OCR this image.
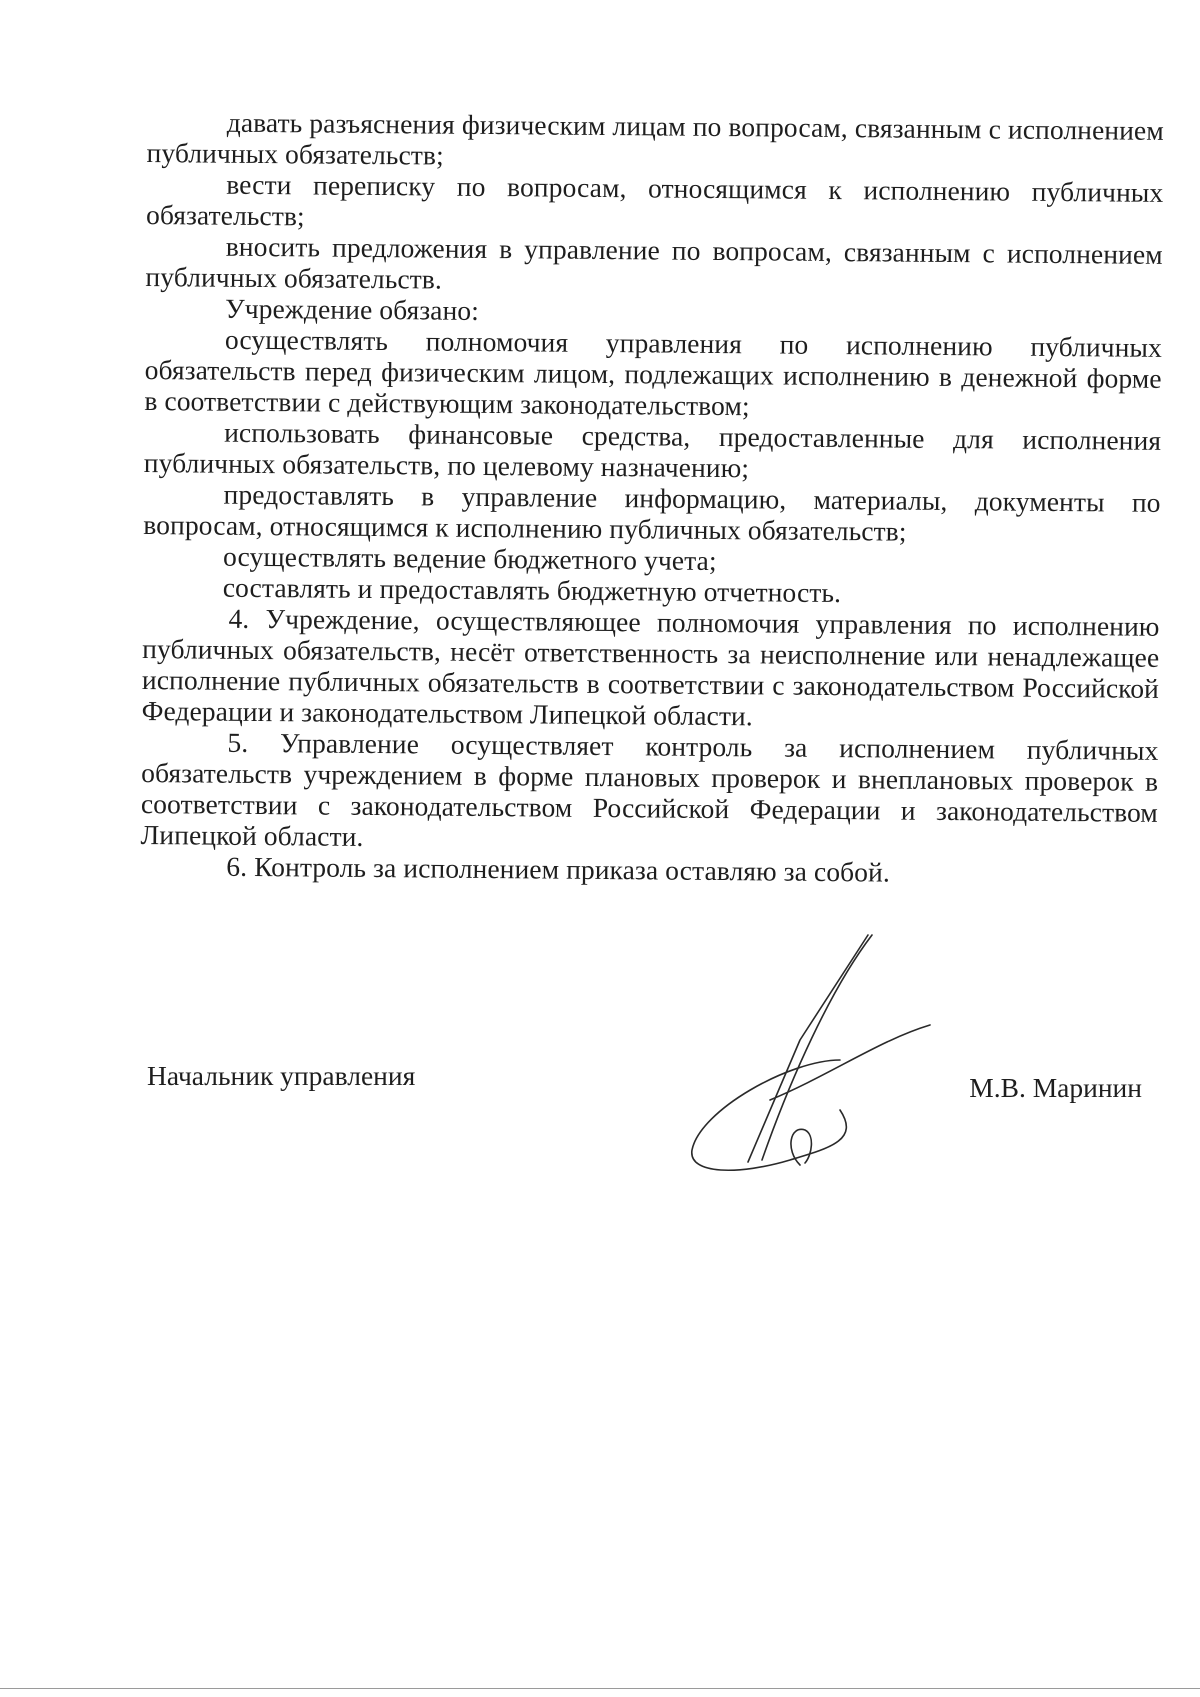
давать разъяснения физическим лицам по вопросам, связанным с исполнением публичных обязательств;

вести переписку по вопросам, относящимся к исполнению публичных обязательств;

вносить предложения в управление по вопросам, связанным с исполнением публичных обязательств.

Учреждение обязано:

осуществлять полномочия управления по исполнению публичных обязательств перед физическим лицом, подлежащих исполнению в денежной форме в соответствии с действующим законодательством;

использовать финансовые средства, предоставленные для исполнения публичных обязательств, по целевому назначению;

предоставлять в управление информацию, материалы, документы по вопросам, относящимся к исполнению публичных обязательств;

осуществлять ведение бюджетного учета;

составлять и предоставлять бюджетную отчетность.

4. Учреждение, осуществляющее полномочия управления по исполнению публичных обязательств, несёт ответственность за неисполнение или ненадлежащее исполнение публичных обязательств в соответствии с законодательством Российской Федерации и законодательством Липецкой области.

5. Управление осуществляет контроль за исполнением публичных обязательств учреждением в форме плановых проверок и внеплановых проверок в соответствии с законодательством Российской Федерации и законодательством Липецкой области.

6. Контроль за исполнением приказа оставляю за собой.

Начальник управления	М.В. Маринин
